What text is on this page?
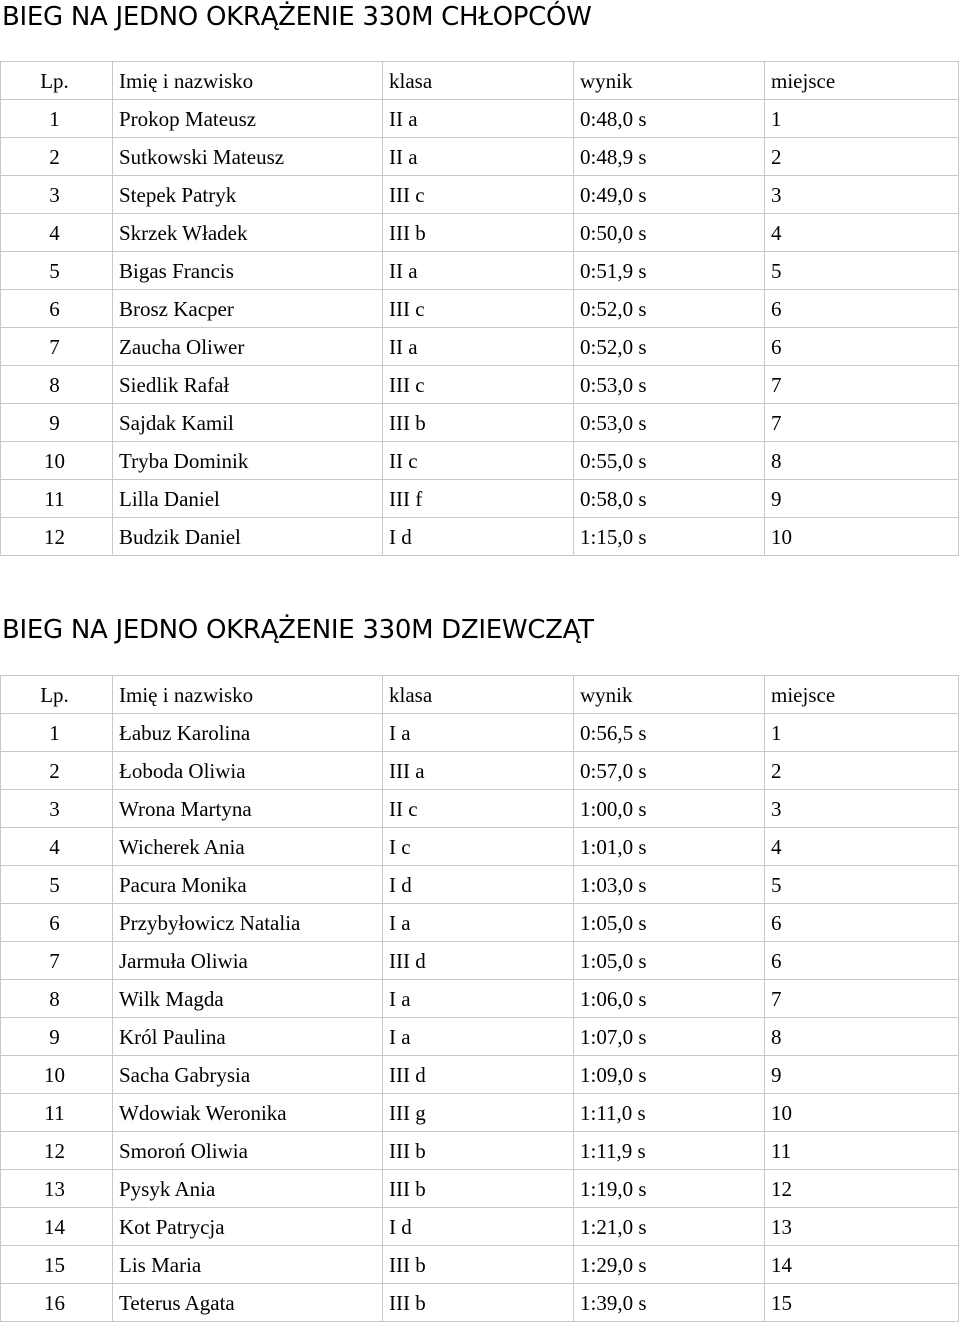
BIEG NA JEDNO OKRĄŻENIE 330M CHŁOPCÓW
Lp.	Imię i nazwisko	klasa	wynik	miejsce
1	Prokop Mateusz	II a	0:48,0 s	1
2	Sutkowski Mateusz	II a	0:48,9 s	2
3	Stepek Patryk	III c	0:49,0 s	3
4	Skrzek Władek	III b	0:50,0 s	4
5	Bigas Francis	II a	0:51,9 s	5
6	Brosz Kacper	III c	0:52,0 s	6
7	Zaucha Oliwer	II a	0:52,0 s	6
8	Siedlik Rafał	III c	0:53,0 s	7
9	Sajdak Kamil	III b	0:53,0 s	7
10	Tryba Dominik	II c	0:55,0 s	8
11	Lilla Daniel	III f	0:58,0 s	9
12	Budzik Daniel	I d	1:15,0 s	10
BIEG NA JEDNO OKRĄŻENIE 330M DZIEWCZĄT
Lp.	Imię i nazwisko	klasa	wynik	miejsce
1	Łabuz Karolina	I a	0:56,5 s	1
2	Łoboda Oliwia	III a	0:57,0 s	2
3	Wrona Martyna	II c	1:00,0 s	3
4	Wicherek Ania	I c	1:01,0 s	4
5	Pacura Monika	I d	1:03,0 s	5
6	Przybyłowicz Natalia	I a	1:05,0 s	6
7	Jarmuła Oliwia	III d	1:05,0 s	6
8	Wilk Magda	I a	1:06,0 s	7
9	Król Paulina	I a	1:07,0 s	8
10	Sacha Gabrysia	III d	1:09,0 s	9
11	Wdowiak Weronika	III g	1:11,0 s	10
12	Smoroń Oliwia	III b	1:11,9 s	11
13	Pysyk Ania	III b	1:19,0 s	12
14	Kot Patrycja	I d	1:21,0 s	13
15	Lis Maria	III b	1:29,0 s	14
16	Teterus Agata	III b	1:39,0 s	15
